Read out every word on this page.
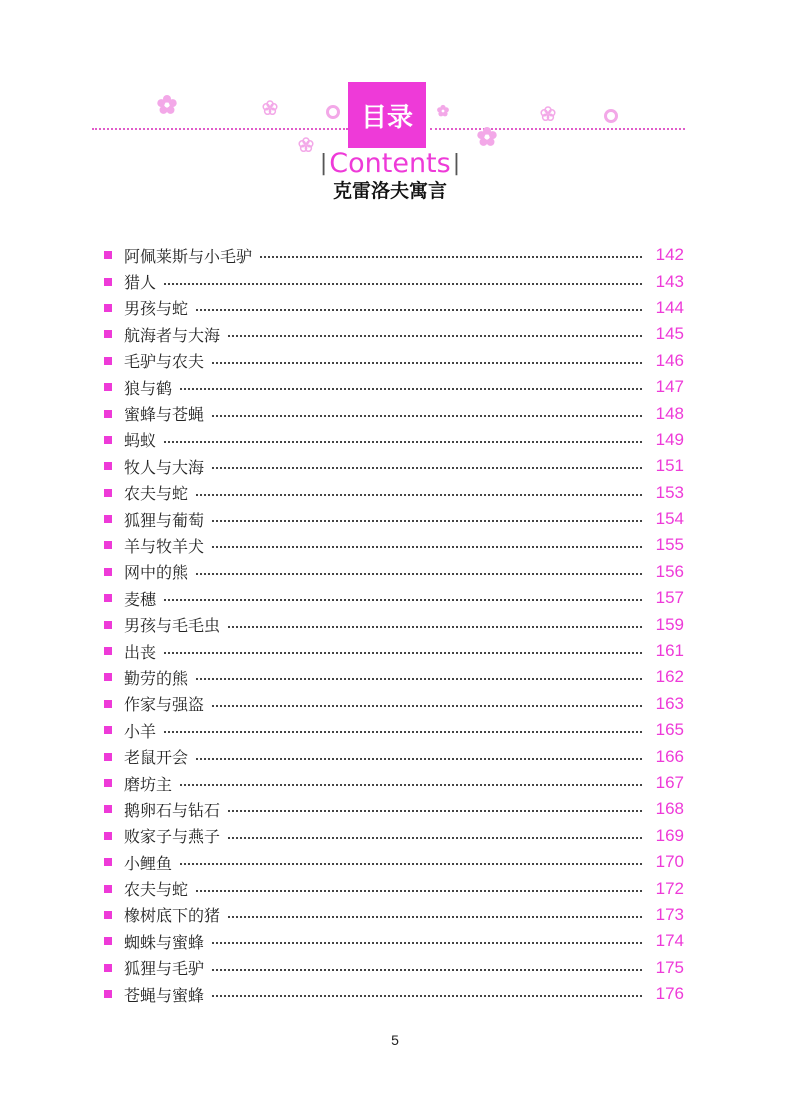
目录
| Contents |
克雷洛夫寓言
阿佩莱斯与小毛驴	142
猎人	143
男孩与蛇	144
航海者与大海	145
毛驴与农夫	146
狼与鹤	147
蜜蜂与苍蝇	148
蚂蚁	149
牧人与大海	151
农夫与蛇	153
狐狸与葡萄	154
羊与牧羊犬	155
网中的熊	156
麦穗	157
男孩与毛毛虫	159
出丧	161
勤劳的熊	162
作家与强盗	163
小羊	165
老鼠开会	166
磨坊主	167
鹅卵石与钻石	168
败家子与燕子	169
小鲤鱼	170
农夫与蛇	172
橡树底下的猪	173
蜘蛛与蜜蜂	174
狐狸与毛驴	175
苍蝇与蜜蜂	176
5
